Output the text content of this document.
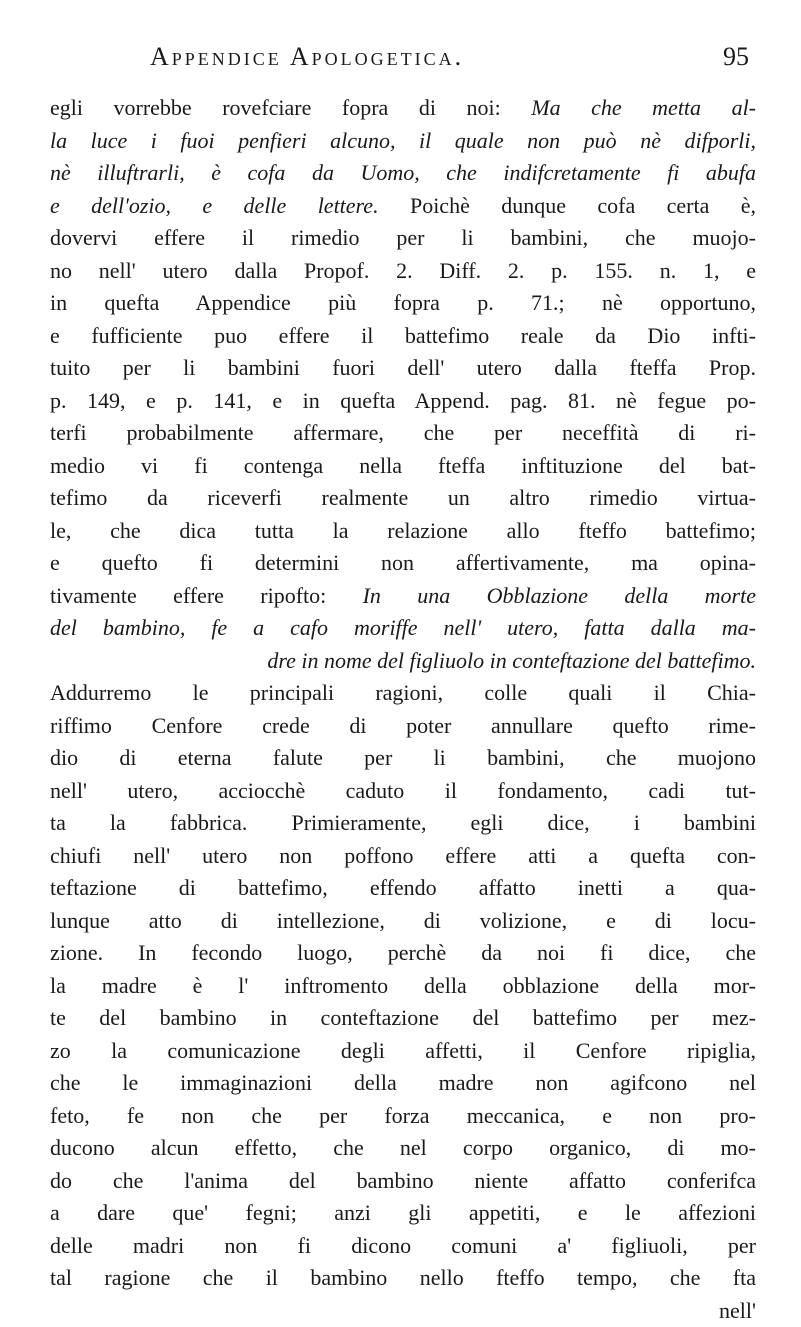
Appendice Apologetica.	95
egli vorrebbe rovefciare fopra di noi: Ma che metta al-
la luce i fuoi penfieri alcuno, il quale non può nè difporli,
nè illuftrarli, è cofa da Uomo, che indifcretamente fi abufa
e dell'ozio, e delle lettere. Poichè dunque cofa certa è,
dovervi effere il rimedio per li bambini, che muojo-
no nell' utero dalla Propof. 2. Diff. 2. p. 155. n. 1, e
in quefta Appendice più fopra p. 71.; nè opportuno,
e fufficiente puo effere il battefimo reale da Dio infti-
tuito per li bambini fuori dell' utero dalla fteffa Prop.
p. 149, e p. 141, e in quefta Append. pag. 81. nè fegue po-
terfi probabilmente affermare, che per neceffità di ri-
medio vi fi contenga nella fteffa inftituzione del bat-
tefimo da riceverfi realmente un altro rimedio virtua-
le, che dica tutta la relazione allo fteffo battefimo;
e quefto fi determini non affertivamente, ma opina-
tivamente effere ripofto: In una Obblazione della morte
del bambino, fe a cafo moriffe nell' utero, fatta dalla ma-
dre in nome del figliuolo in conteftazione del battefimo.
Addurremo le principali ragioni, colle quali il Chia-
riffimo Cenfore crede di poter annullare quefto rime-
dio di eterna falute per li bambini, che muojono
nell' utero, acciocchè caduto il fondamento, cadi tut-
ta la fabbrica. Primieramente, egli dice, i bambini
chiufi nell' utero non poffono effere atti a quefta con-
teftazione di battefimo, effendo affatto inetti a qua-
lunque atto di intellezione, di volizione, e di locu-
zione. In fecondo luogo, perchè da noi fi dice, che
la madre è l' inftromento della obblazione della mor-
te del bambino in conteftazione del battefimo per mez-
zo la comunicazione degli affetti, il Cenfore ripiglia,
che le immaginazioni della madre non agifcono nel
feto, fe non che per forza meccanica, e non pro-
ducono alcun effetto, che nel corpo organico, di mo-
do che l'anima del bambino niente affatto conferifca
a dare que' fegni; anzi gli appetiti, e le affezioni
delle madri non fi dicono comuni a' figliuoli, per
tal ragione che il bambino nello fteffo tempo, che fta
nell'
